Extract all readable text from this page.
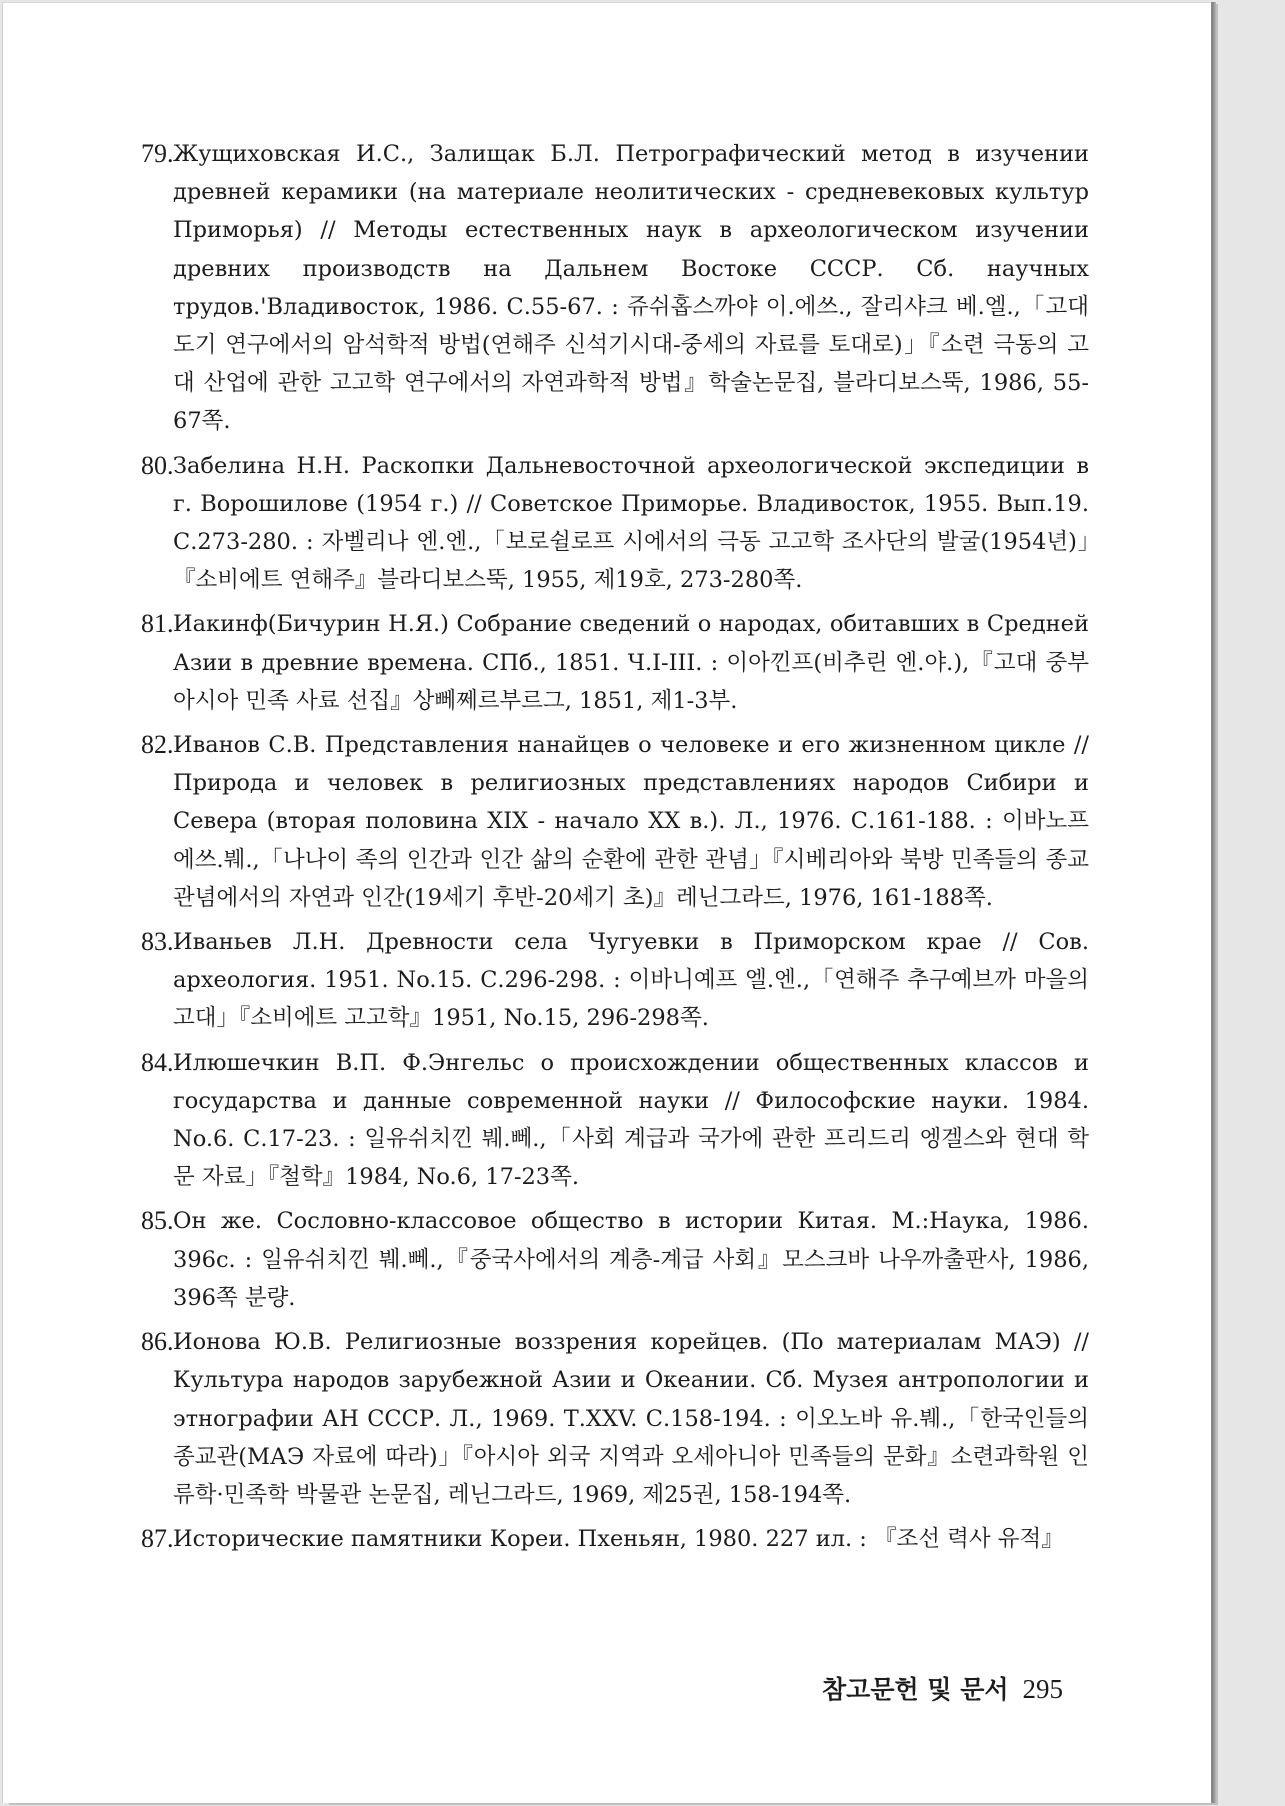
79. Жущиховская И.С., Залищак Б.Л. Петрографический метод в изучении древней керамики (на материале неолитических - средневековых культур Приморья) // Методы естественных наук в археологическом изучении древних производств на Дальнем Востоке СССР. Сб. научных трудов.'Владивосток, 1986. С.55-67. : 쥬쉬홉스까야 이.에쓰., 잘리샤크 베.엘.,「고대 도기 연구에서의 암석학적 방법(연해주 신석기시대-중세의 자료를 토대로)」『소련 극동의 고대 산업에 관한 고고학 연구에서의 자연과학적 방법』학술논문집, 블라디보스뚝, 1986, 55-67쪽.
80. Забелина Н.Н. Раскопки Дальневосточной археологической экспедиции в г. Ворошилове (1954 г.) // Советское Приморье. Владивосток, 1955. Вып.19. С.273-280. : 자벨리나 엔.엔.,「보로쉴로프 시에서의 극동 고고학 조사단의 발굴(1954년)」『소비에트 연해주』블라디보스뚝, 1955, 제19호, 273-280쪽.
81. Иакинф(Бичурин Н.Я.) Собрание сведений о народах, обитавших в Средней Азии в древние времена. СПб., 1851. Ч.I-III. : 이아낀프(비추린 엔.야.),『고대 중부아시아 민족 사료 선집』상뻬쩨르부르그, 1851, 제1-3부.
82. Иванов С.В. Представления нанайцев о человеке и его жизненном цикле // Природа и человек в религиозных представлениях народов Сибири и Севера (вторая половина XIX - начало XX в.). Л., 1976. С.161-188. : 이바노프 에쓰.붸.,「나나이 족의 인간과 인간 삶의 순환에 관한 관념」『시베리아와 북방 민족들의 종교 관념에서의 자연과 인간(19세기 후반-20세기 초)』레닌그라드, 1976, 161-188쪽.
83. Иваньев Л.Н. Древности села Чугуевки в Приморском крае // Сов. археология. 1951. No.15. С.296-298. : 이바니예프 엘.엔.,「연해주 추구예브까 마을의 고대」『소비에트 고고학』1951, No.15, 296-298쪽.
84. Илюшечкин В.П. Ф.Энгельс о происхождении общественных классов и государства и данные современной науки // Философские науки. 1984. No.6. С.17-23. : 일유쉬치낀 붸.뻬.,「사회 계급과 국가에 관한 프리드리 엥겔스와 현대 학문 자료」『철학』1984, No.6, 17-23쪽.
85. Он же. Сословно-классовое общество в истории Китая. М.:Наука, 1986. 396с. : 일유쉬치낀 붸.뻬.,『중국사에서의 계층-계급 사회』모스크바 나우까출판사, 1986, 396쪽 분량.
86. Ионова Ю.В. Религиозные воззрения корейцев. (По материалам МАЭ) // Культура народов зарубежной Азии и Океании. Сб. Музея антропологии и этнографии АН СССР. Л., 1969. Т.XXV. С.158-194. : 이오노바 유.붸.,「한국인들의 종교관(МАЭ 자료에 따라)」『아시아 외국 지역과 오세아니아 민족들의 문화』소련과학원 인류학·민족학 박물관 논문집, 레닌그라드, 1969, 제25권, 158-194쪽.
87. Исторические памятники Кореи. Пхеньян, 1980. 227 ил. : 『조선 력사 유적』
참고문헌 및 문서 295
